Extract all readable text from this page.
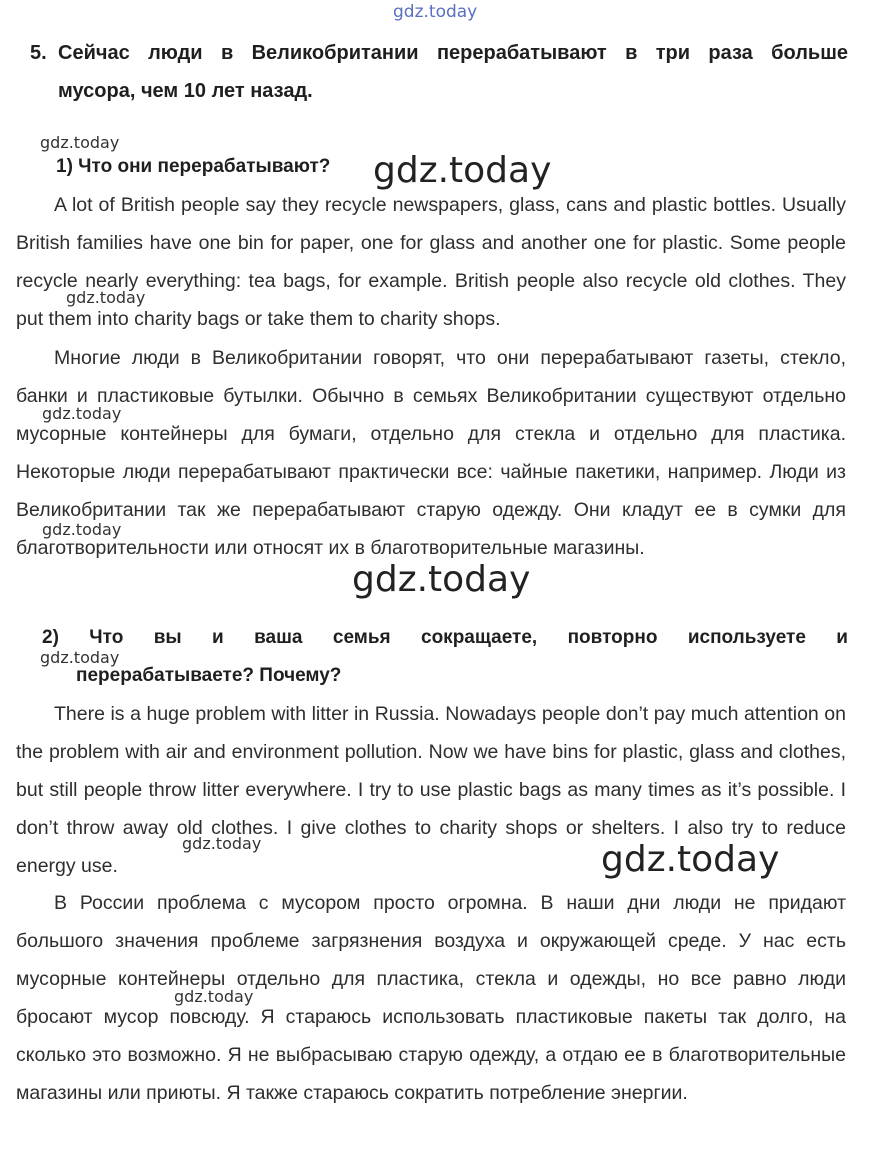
gdz.today
5. Сейчас люди в Великобритании перерабатывают в три раза больше
мусора, чем 10 лет назад.
gdz.today
1) Что они перерабатывают? gdz.today

A lot of British people say they recycle newspapers, glass, cans and plastic bottles. Usually British families have one bin for paper, one for glass and another one for plastic. Some people recycle nearly everything: tea bags, for example. British people also recycle old clothes. They put them into charity bags or take them to charity shops.

gdz.today

Многие люди в Великобритании говорят, что они перерабатывают газеты, стекло, банки и пластиковые бутылки. Обычно в семьях Великобритании существуют отдельно мусорные контейнеры для бумаги, отдельно для стекла и отдельно для пластика. Некоторые люди перерабатывают практически все: чайные пакетики, например. Люди из Великобритании так же перерабатывают старую одежду. Они кладут ее в сумки для благотворительности или относят их в благотворительные магазины.

gdz.today
gdz.today
gdz.today
2) Что вы и ваша семья сокращаете, повторно используете и
gdz.today
перерабатываете? Почему?

There is a huge problem with litter in Russia. Nowadays people don’t pay much attention on the problem with air and environment pollution. Now we have bins for plastic, glass and clothes, but still people throw litter everywhere. I try to use plastic bags as many times as it’s possible. I don’t throw away old clothes. I give clothes to charity shops or shelters. I also try to reduce energy use.

gdz.today	gdz.today

В России проблема с мусором просто огромна. В наши дни люди не придают большого значения проблеме загрязнения воздуха и окружающей среде. У нас есть мусорные контейнеры отдельно для пластика, стекла и одежды, но все равно люди бросают мусор повсюду. Я стараюсь использовать пластиковые пакеты так долго, на сколько это возможно. Я не выбрасываю старую одежду, а отдаю ее в благотворительные магазины или приюты. Я также стараюсь сократить потребление энергии.

gdz.today
